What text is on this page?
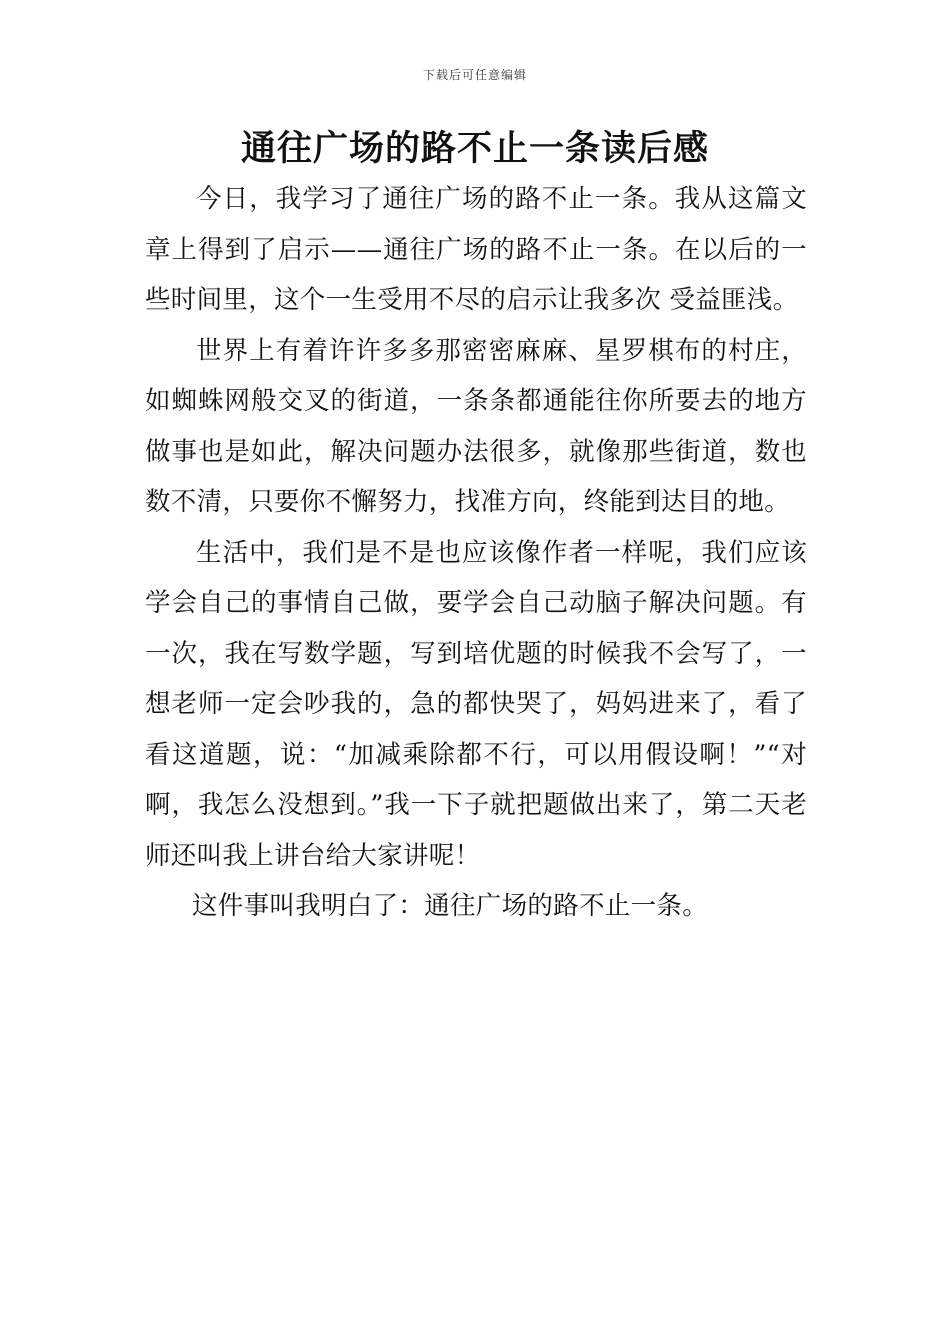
下载后可任意编辑
通往广场的路不止一条读后感

今日，我学习了通往广场的路不止一条。我从这篇文章上得到了启示——通往广场的路不止一条。在以后的一些时间里，这个一生受用不尽的启示让我多次 受益匪浅。

世界上有着许许多多那密密麻麻、星罗棋布的村庄，如蜘蛛网般交叉的街道，一条条都通能往你所要去的地方做事也是如此，解决问题办法很多，就像那些街道，数也数不清，只要你不懈努力，找准方向，终能到达目的地。

生活中，我们是不是也应该像作者一样呢，我们应该学会自己的事情自己做，要学会自己动脑子解决问题。有一次，我在写数学题，写到培优题的时候我不会写了，一想老师一定会吵我的，急的都快哭了，妈妈进来了，看了看这道题，说：“加减乘除都不行，可以用假设啊！”“对啊，我怎么没想到。”我一下子就把题做出来了，第二天老师还叫我上讲台给大家讲呢！

这件事叫我明白了：通往广场的路不止一条。
